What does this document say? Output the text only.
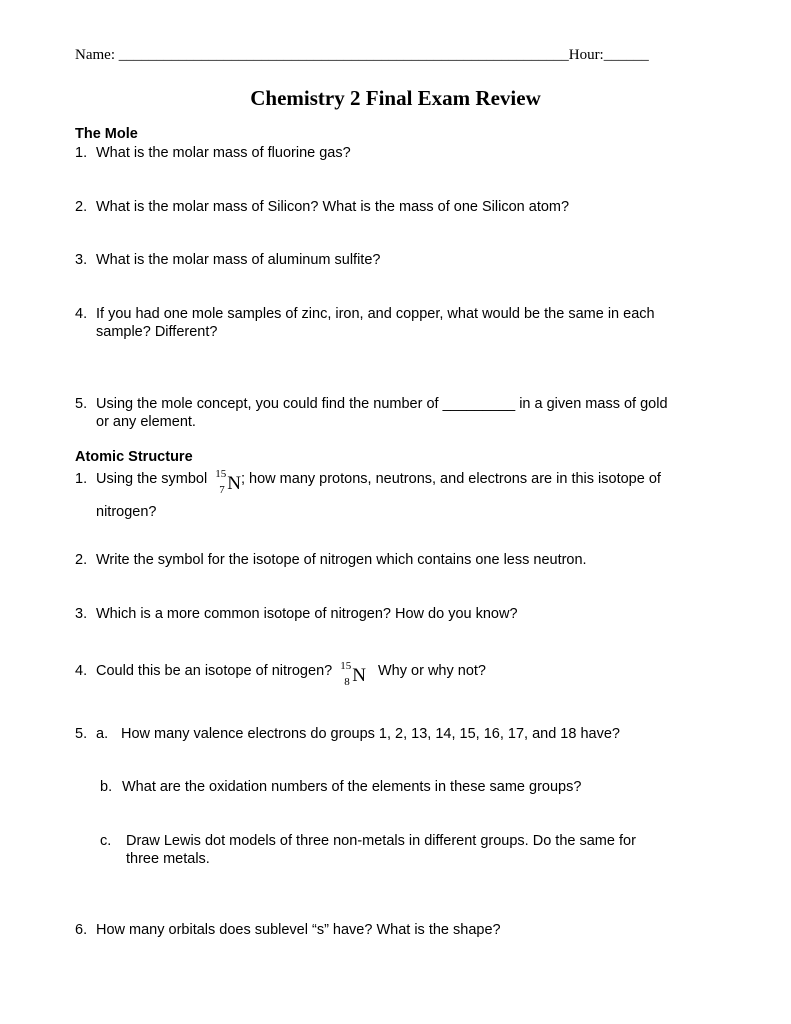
Name: ____________________________________________________________Hour:______
Chemistry 2 Final Exam Review
The Mole
1. What is the molar mass of fluorine gas?
2. What is the molar mass of Silicon? What is the mass of one Silicon atom?
3. What is the molar mass of aluminum sulfite?
4. If you had one mole samples of zinc, iron, and copper, what would be the same in each
sample? Different?
5. Using the mole concept, you could find the number of _________ in a given mass of gold
or any element.
Atomic Structure
1. Using the symbol 15
7 N; how many protons, neutrons, and electrons are in this isotope of
nitrogen?
2. Write the symbol for the isotope of nitrogen which contains one less neutron.
3. Which is a more common isotope of nitrogen? How do you know?
4. Could this be an isotope of nitrogen? 15
8 N Why or why not?
5. a. How many valence electrons do groups 1, 2, 13, 14, 15, 16, 17, and 18 have?
b. What are the oxidation numbers of the elements in these same groups?
c. Draw Lewis dot models of three non-metals in different groups. Do the same for
three metals.
6. How many orbitals does sublevel “s” have? What is the shape?
